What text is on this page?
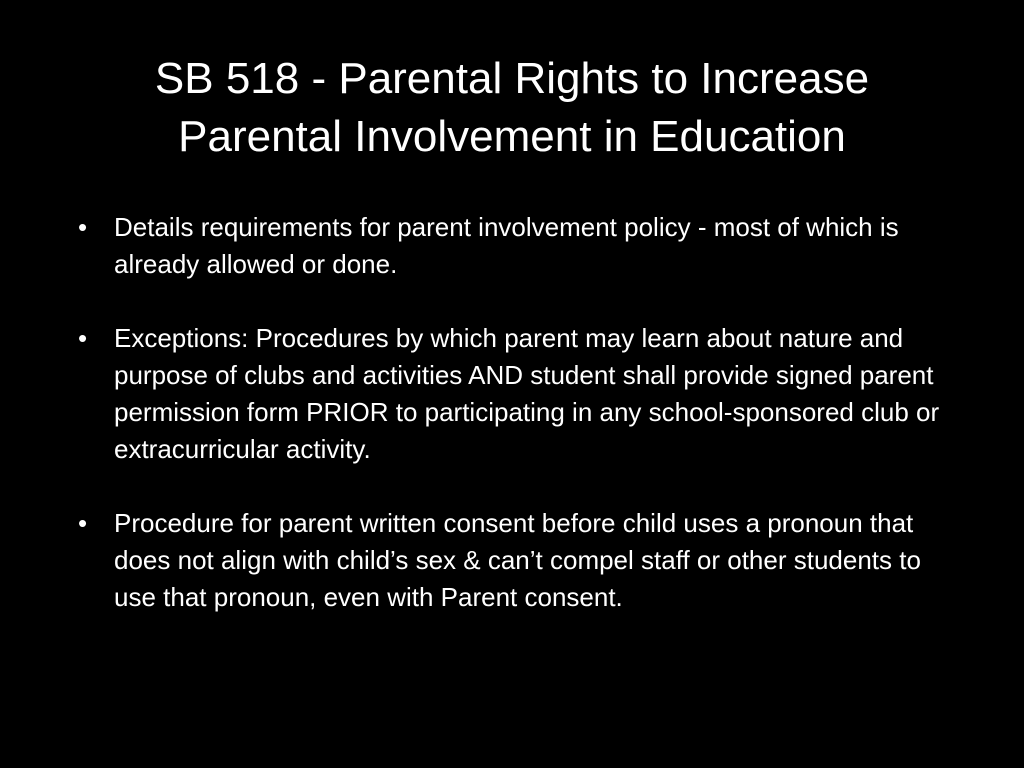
SB 518 - Parental Rights to Increase
Parental Involvement in Education
•	Details requirements for parent involvement policy - most of which is already allowed or done.
•	Exceptions: Procedures by which parent may learn about nature and purpose of clubs and activities AND student shall provide signed parent permission form PRIOR to participating in any school-sponsored club or extracurricular activity.
•	Procedure for parent written consent before child uses a pronoun that does not align with child’s sex & can’t compel staff or other students to use that pronoun, even with Parent consent.
